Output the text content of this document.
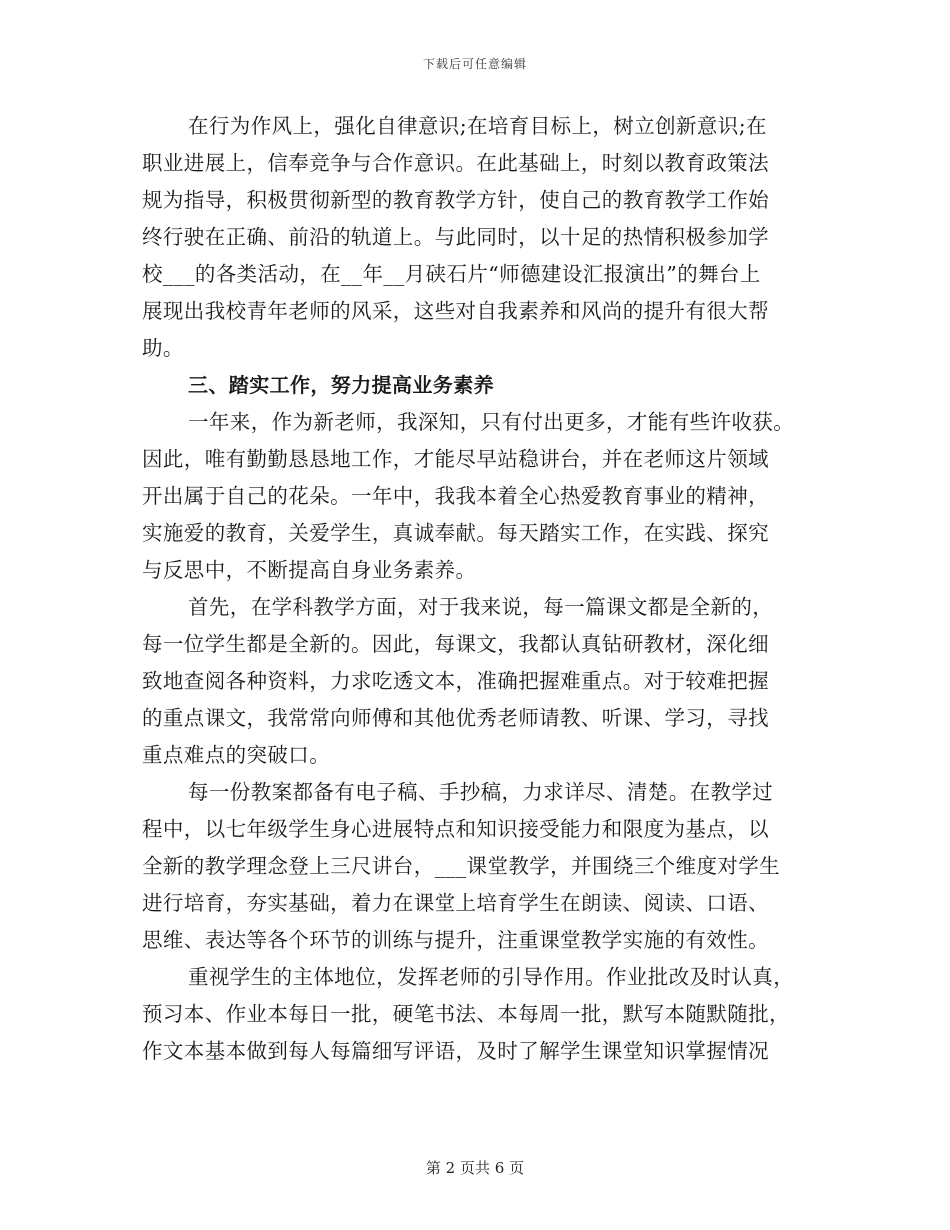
下载后可任意编辑
在行为作风上，强化自律意识;在培育目标上，树立创新意识;在
职业进展上，信奉竞争与合作意识。在此基础上，时刻以教育政策法
规为指导，积极贯彻新型的教育教学方针，使自己的教育教学工作始
终行驶在正确、前沿的轨道上。与此同时，以十足的热情积极参加学
校___的各类活动，在__年__月硖石片“师德建设汇报演出”的舞台上
展现出我校青年老师的风采，这些对自我素养和风尚的提升有很大帮
助。
三、踏实工作，努力提高业务素养
一年来，作为新老师，我深知，只有付出更多，才能有些许收获。
因此，唯有勤勤恳恳地工作，才能尽早站稳讲台，并在老师这片领域
开出属于自己的花朵。一年中，我我本着全心热爱教育事业的精神，
实施爱的教育，关爱学生，真诚奉献。每天踏实工作，在实践、探究
与反思中，不断提高自身业务素养。
首先，在学科教学方面，对于我来说，每一篇课文都是全新的，
每一位学生都是全新的。因此，每课文，我都认真钻研教材，深化细
致地查阅各种资料，力求吃透文本，准确把握难重点。对于较难把握
的重点课文，我常常向师傅和其他优秀老师请教、听课、学习，寻找
重点难点的突破口。
每一份教案都备有电子稿、手抄稿，力求详尽、清楚。在教学过
程中，以七年级学生身心进展特点和知识接受能力和限度为基点，以
全新的教学理念登上三尺讲台，___课堂教学，并围绕三个维度对学生
进行培育，夯实基础，着力在课堂上培育学生在朗读、阅读、口语、
思维、表达等各个环节的训练与提升，注重课堂教学实施的有效性。
重视学生的主体地位，发挥老师的引导作用。作业批改及时认真，
预习本、作业本每日一批，硬笔书法、本每周一批，默写本随默随批，
作文本基本做到每人每篇细写评语，及时了解学生课堂知识掌握情况
第 2 页共 6 页
